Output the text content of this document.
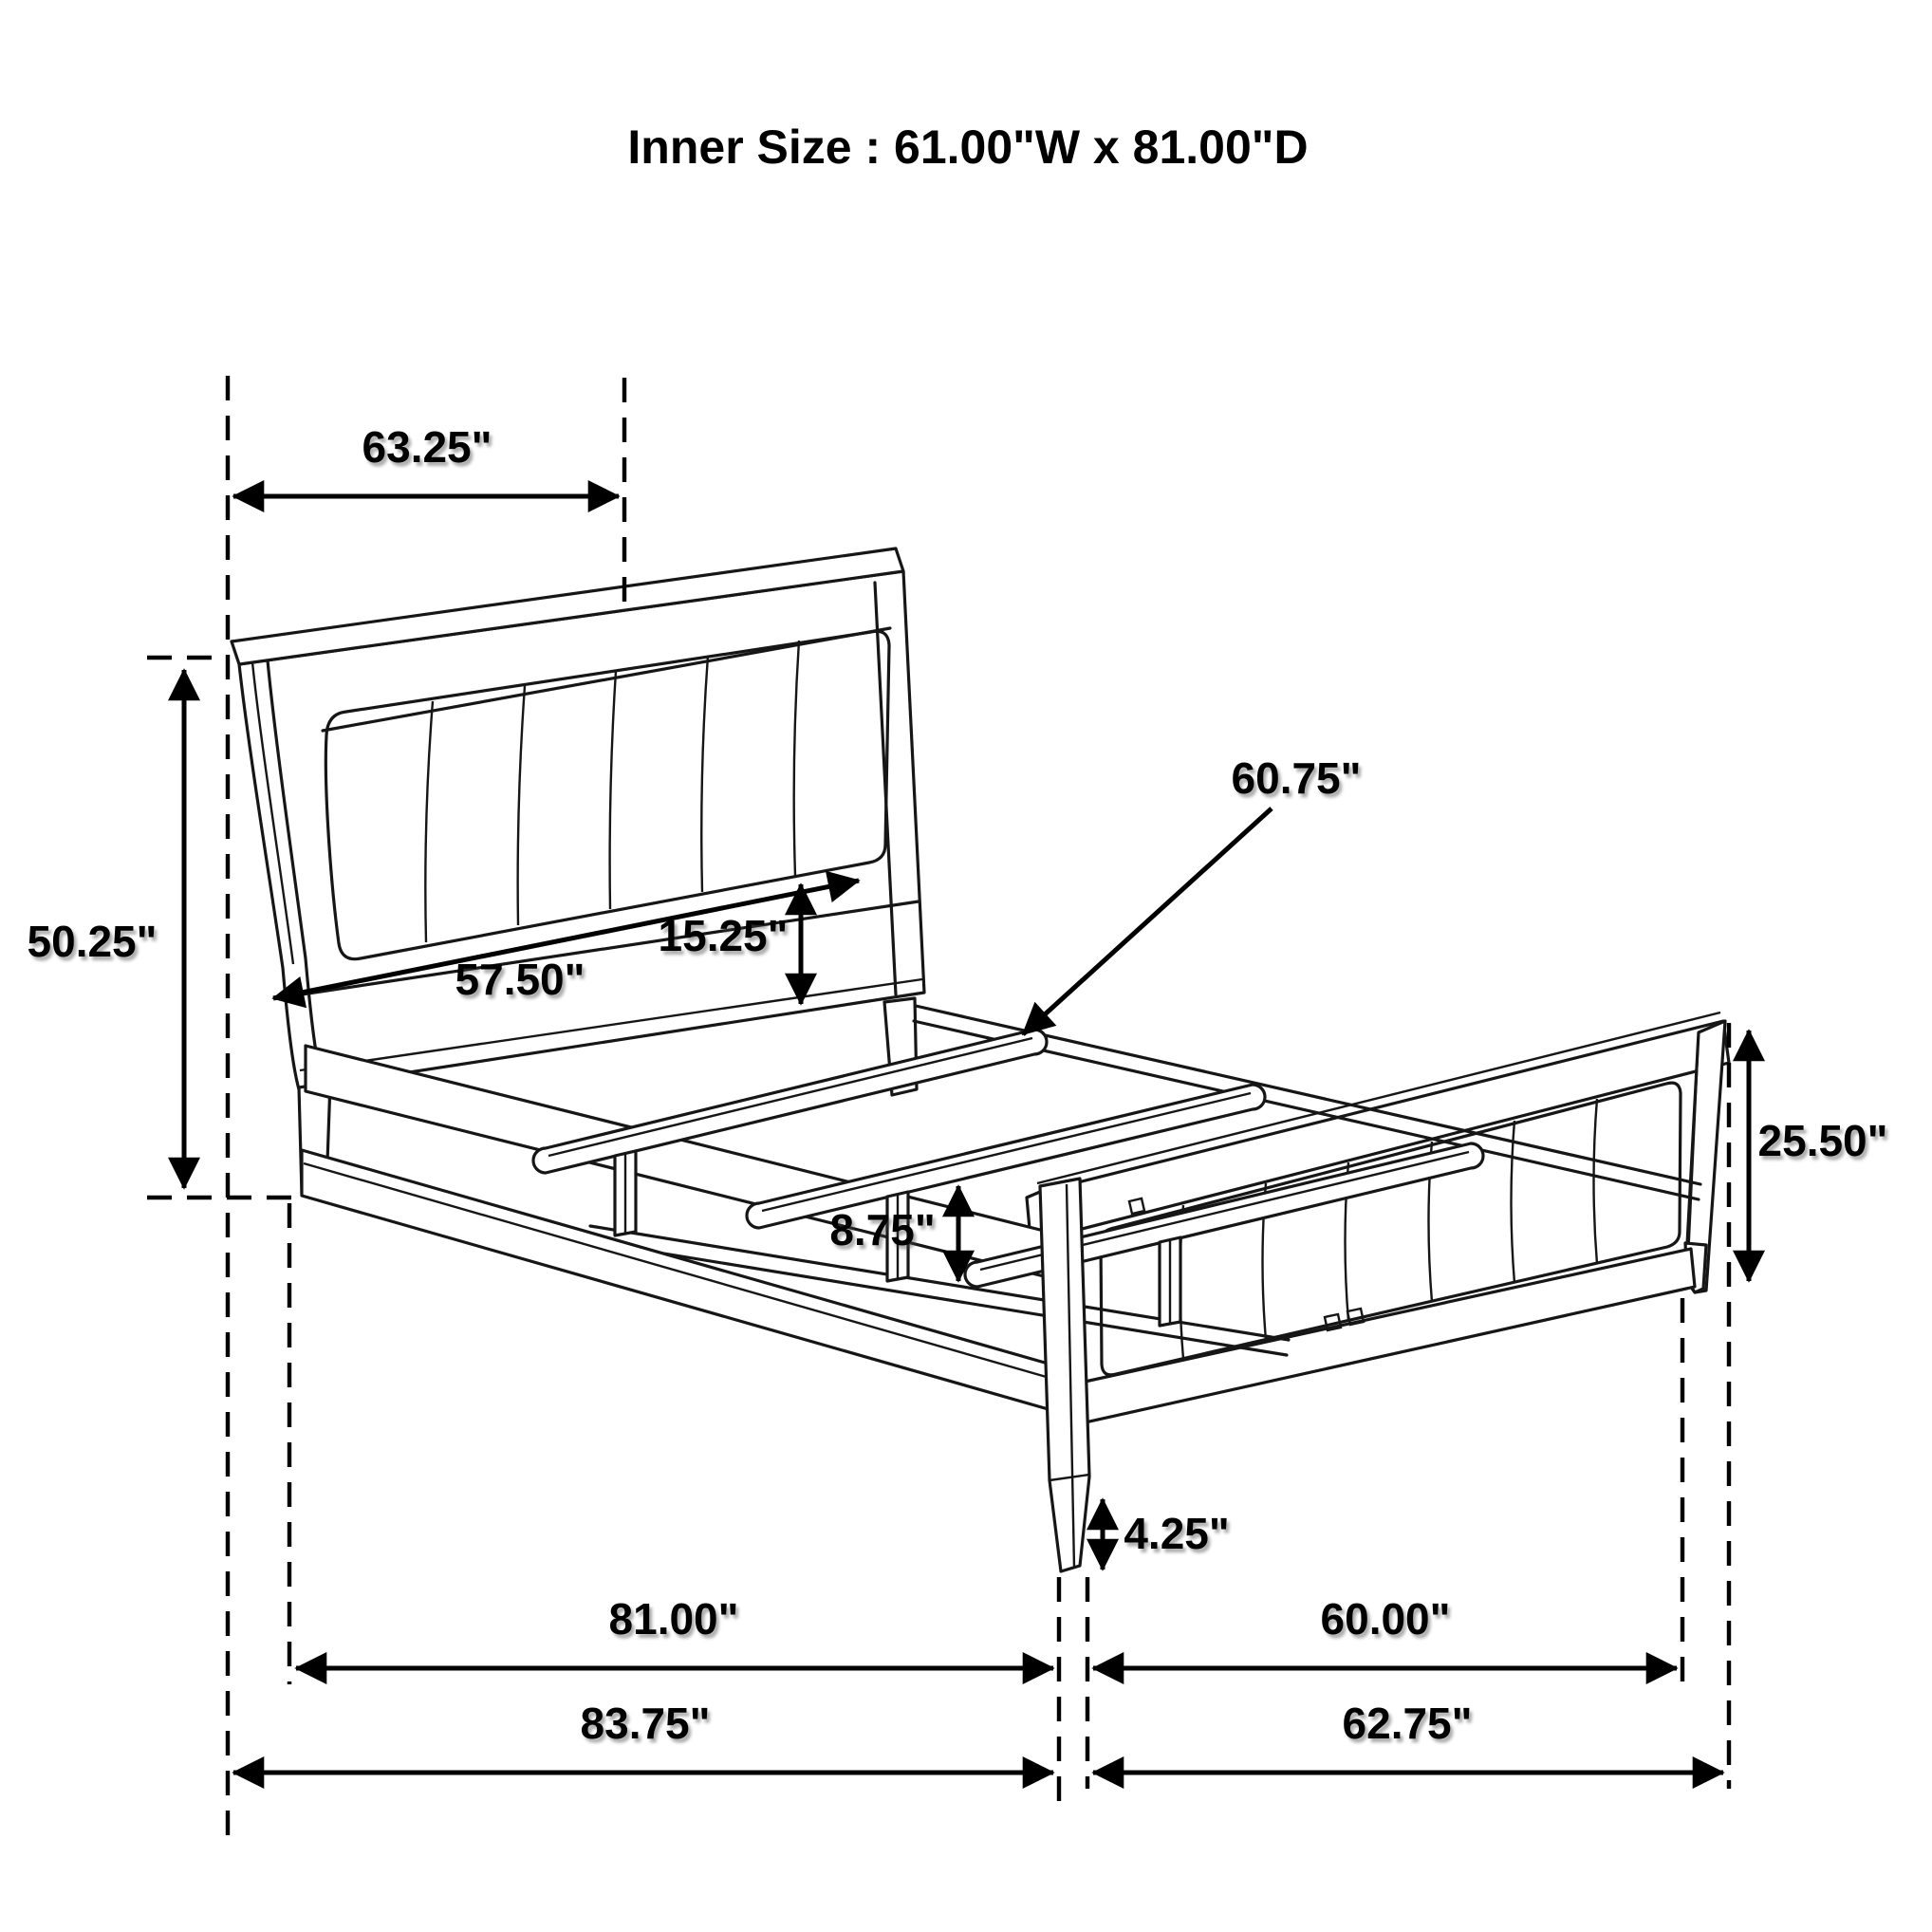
63.25"
50.25"
57.50"
15.25"
60.75"
25.50"
8.75"
4.25"
81.00"	60.00"
83.75"	62.75"
Inner Size : 61.00"W x 81.00"D
